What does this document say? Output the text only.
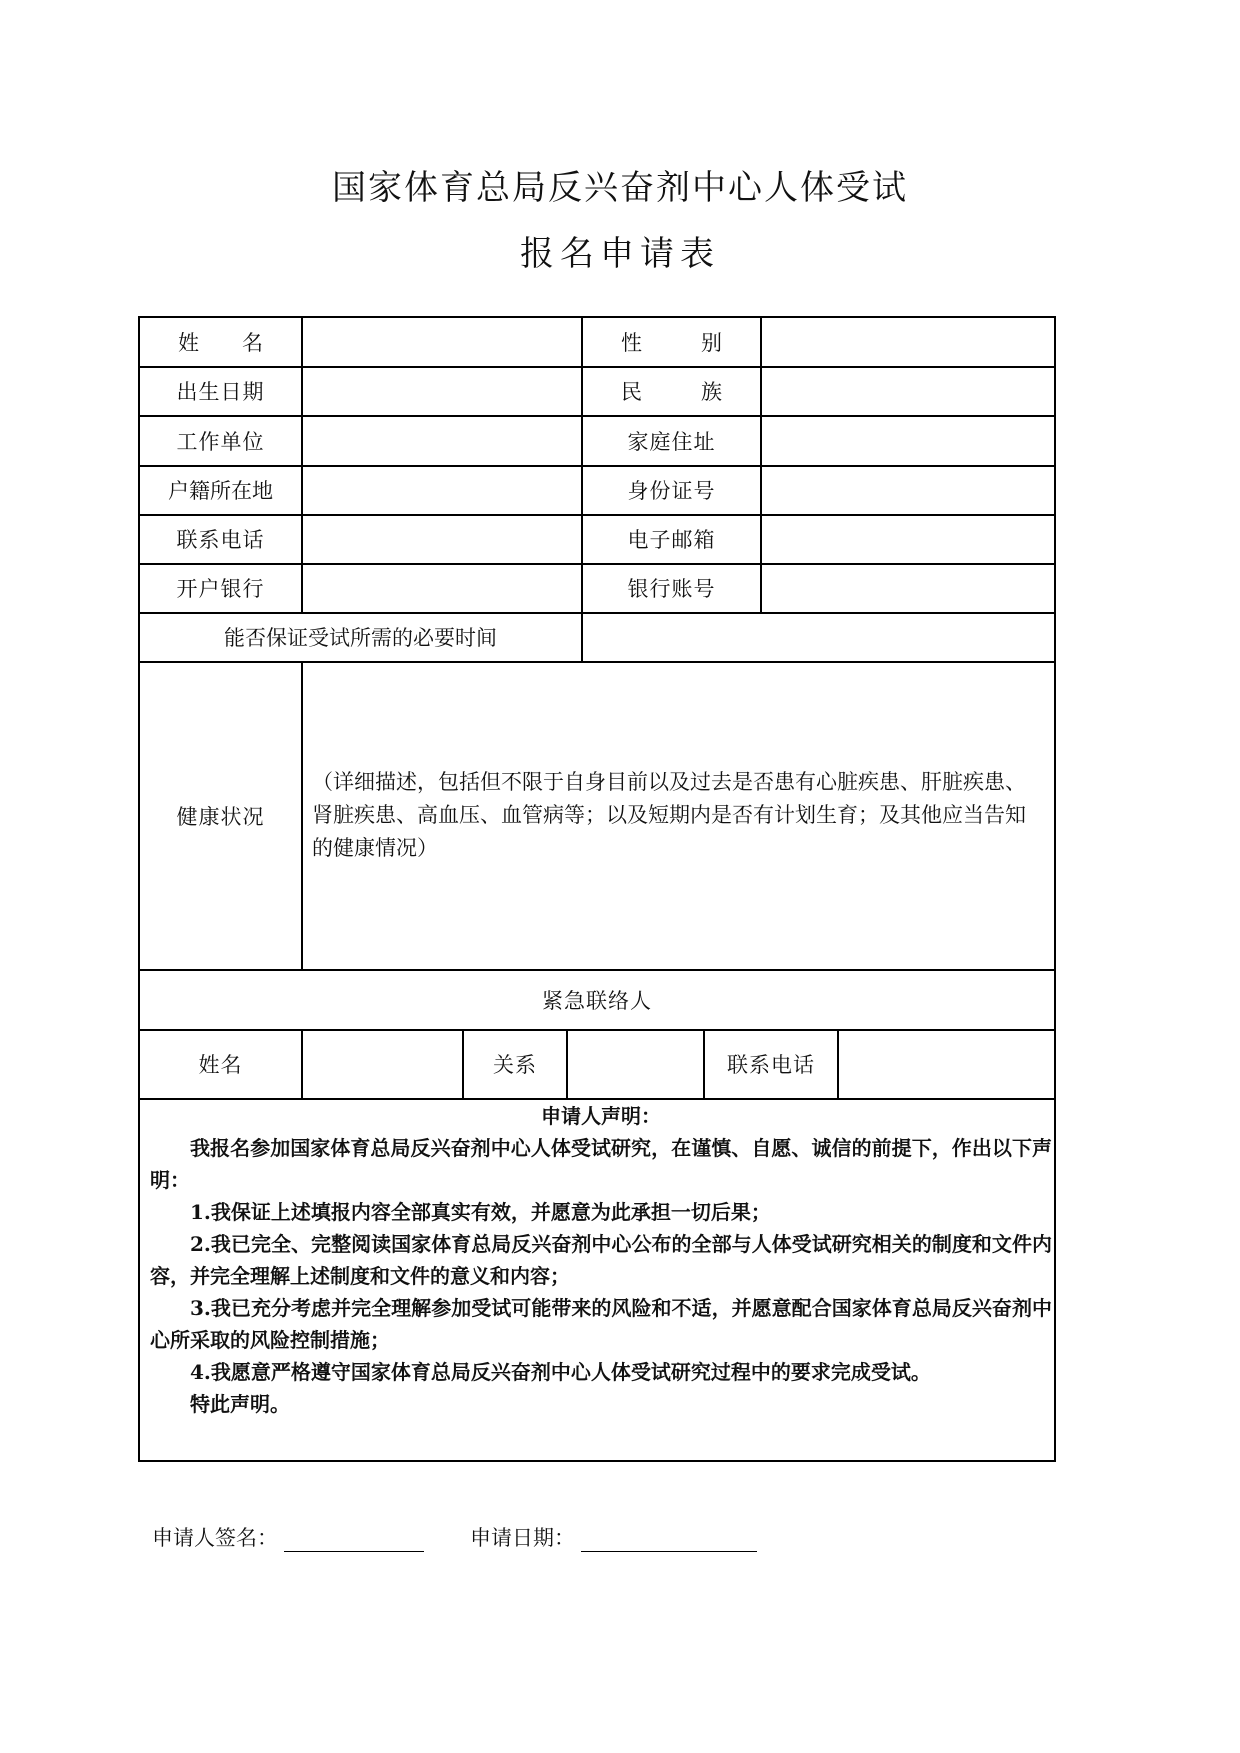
国家体育总局反兴奋剂中心人体受试
报名申请表
姓 名	性	别
出生日期	民	族
工作单位	家庭住址
户籍所在地	身份证号
联系电话	电子邮箱
开户银行	银行账号
能否保证受试所需的必要时间
健康状况
（详细描述，包括但不限于自身目前以及过去是否患有心脏疾患、肝脏疾患、
肾脏疾患、高血压、血管病等；以及短期内是否有计划生育；及其他应当告知
的健康情况）
紧急联络人
姓名	关系	联系电话
申请人声明：

我报名参加国家体育总局反兴奋剂中心人体受试研究，在谨慎、自愿、诚信的前提下，作出以下声明：

1.我保证上述填报内容全部真实有效，并愿意为此承担一切后果；

2.我已完全、完整阅读国家体育总局反兴奋剂中心公布的全部与人体受试研究相关的制度和文件内容，并完全理解上述制度和文件的意义和内容；

3.我已充分考虑并完全理解参加受试可能带来的风险和不适，并愿意配合国家体育总局反兴奋剂中心所采取的风险控制措施；

4.我愿意严格遵守国家体育总局反兴奋剂中心人体受试研究过程中的要求完成受试。

特此声明。

申请人签名：	申请日期：
